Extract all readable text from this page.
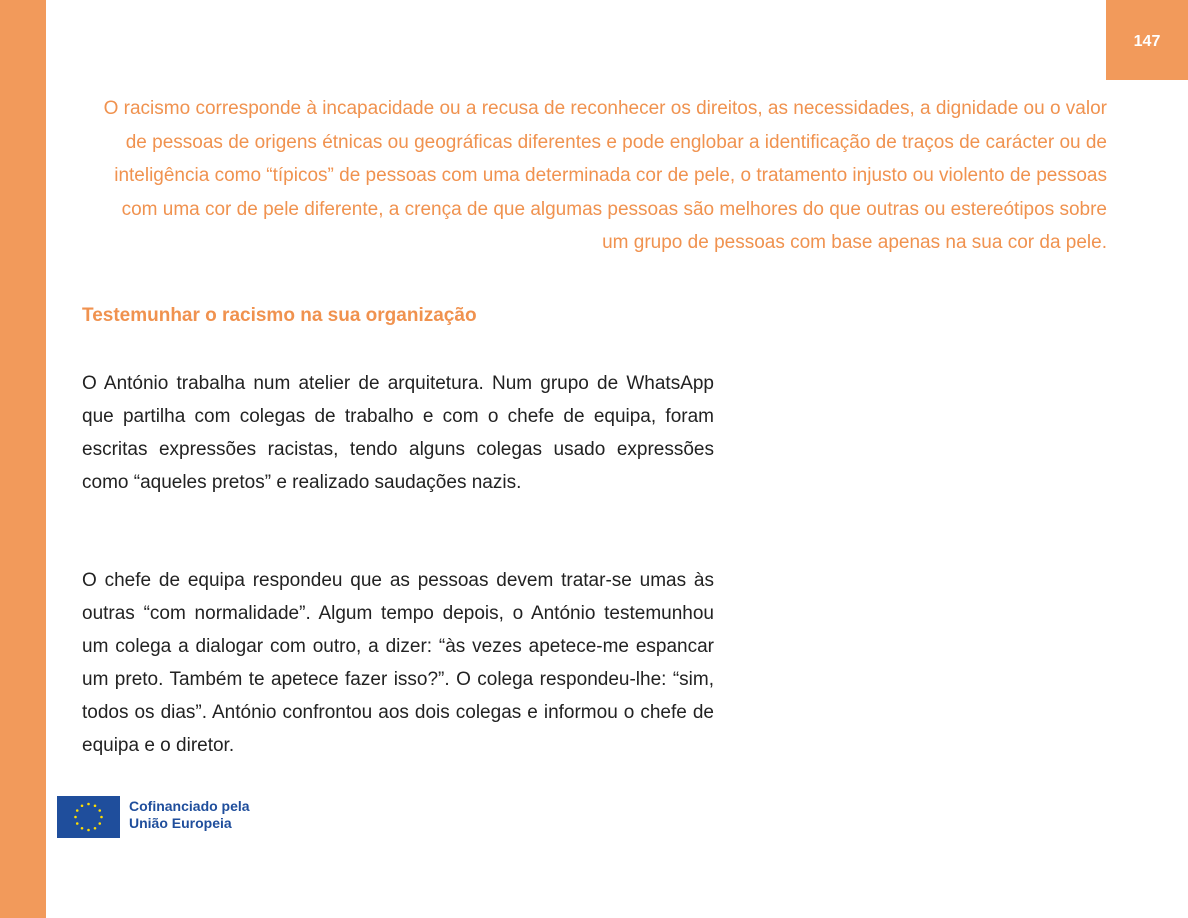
147

O racismo corresponde à incapacidade ou a recusa de reconhecer os direitos, as necessidades, a dignidade ou o valor de pessoas de origens étnicas ou geográficas diferentes e pode englobar a identificação de traços de carácter ou de inteligência como “típicos” de pessoas com uma determinada cor de pele, o tratamento injusto ou violento de pessoas com uma cor de pele diferente, a crença de que algumas pessoas são melhores do que outras ou estereótipos sobre um grupo de pessoas com base apenas na sua cor da pele.

Testemunhar o racismo na sua organização

O António trabalha num atelier de arquitetura. Num grupo de WhatsApp que partilha com colegas de trabalho e com o chefe de equipa, foram escritas expressões racistas, tendo alguns colegas usado expressões como “aqueles pretos” e realizado saudações nazis.

O chefe de equipa respondeu que as pessoas devem tratar-se umas às outras “com normalidade”. Algum tempo depois, o António testemunhou um colega a dialogar com outro, a dizer: “às vezes apetece-me espancar um preto. Também te apetece fazer isso?”. O colega respondeu-lhe: “sim, todos os dias”. António confrontou aos dois colegas e informou o chefe de equipa e o diretor.

Cofinanciado pela
União Europeia
